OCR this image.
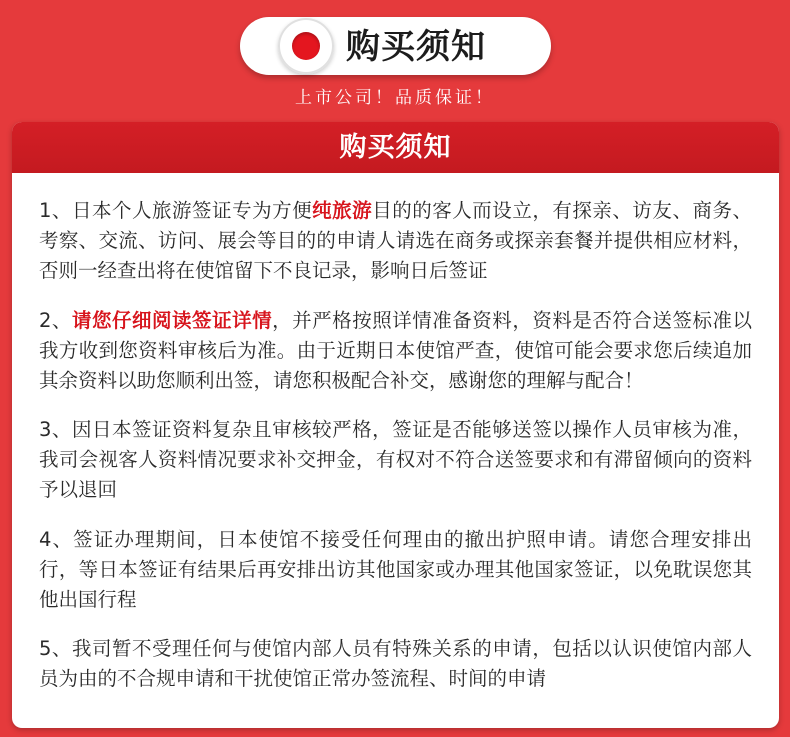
购买须知
上市公司！品质保证！
购买须知

1、日本个人旅游签证专为方便纯旅游目的的客人而设立，有探亲、访友、商务、考察、交流、访问、展会等目的的申请人请选在商务或探亲套餐并提供相应材料，否则一经查出将在使馆留下不良记录，影响日后签证

2、请您仔细阅读签证详情，并严格按照详情准备资料，资料是否符合送签标准以我方收到您资料审核后为准。由于近期日本使馆严查，使馆可能会要求您后续追加其余资料以助您顺利出签，请您积极配合补交，感谢您的理解与配合！

3、因日本签证资料复杂且审核较严格，签证是否能够送签以操作人员审核为准，我司会视客人资料情况要求补交押金，有权对不符合送签要求和有滞留倾向的资料予以退回

4、签证办理期间，日本使馆不接受任何理由的撤出护照申请。请您合理安排出行，等日本签证有结果后再安排出访其他国家或办理其他国家签证，以免耽误您其他出国行程

5、我司暂不受理任何与使馆内部人员有特殊关系的申请，包括以认识使馆内部人员为由的不合规申请和干扰使馆正常办签流程、时间的申请
